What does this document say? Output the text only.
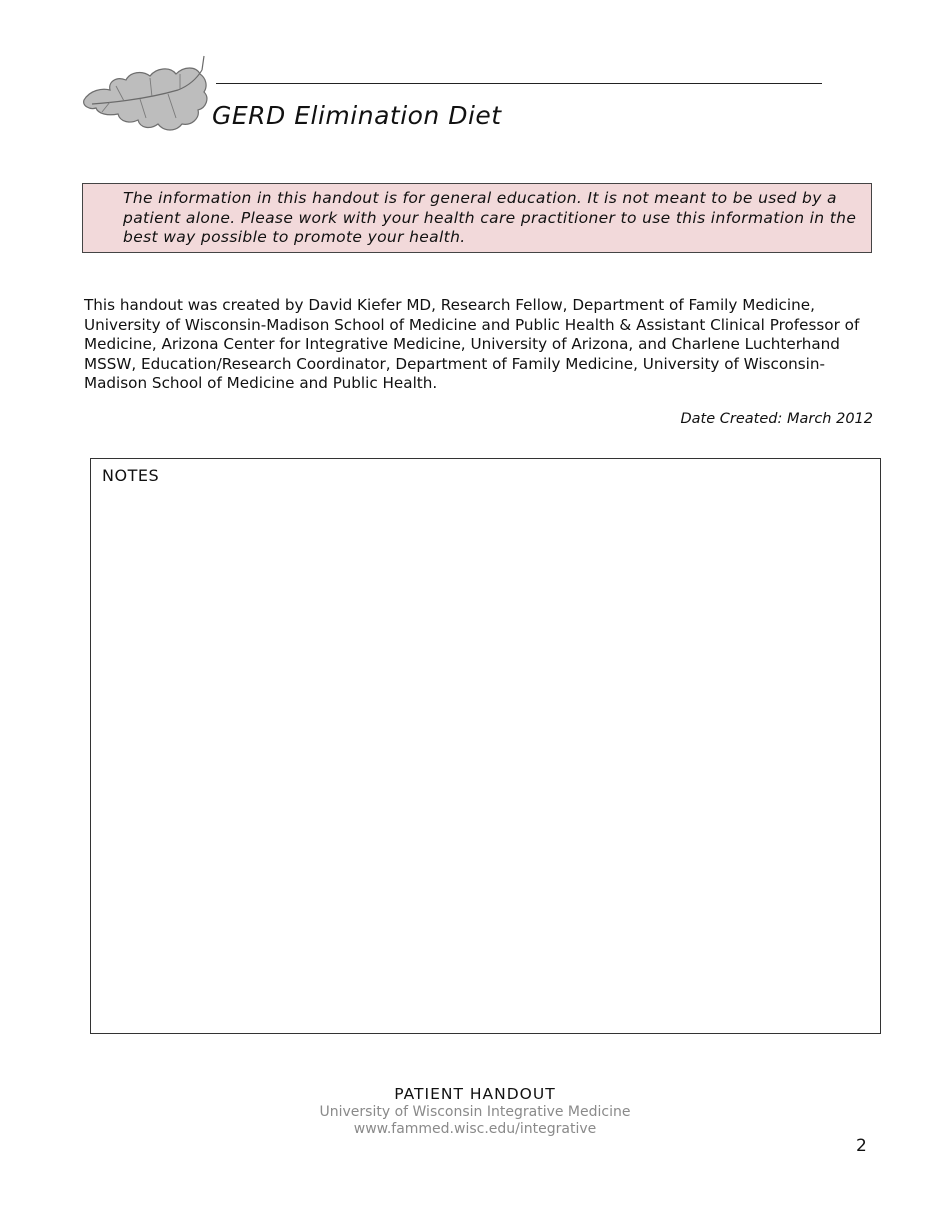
GERD Elimination Diet

The information in this handout is for general education. It is not meant to be used by a patient alone. Please work with your health care practitioner to use this information in the best way possible to promote your health.

This handout was created by David Kiefer MD, Research Fellow, Department of Family Medicine, University of Wisconsin-Madison School of Medicine and Public Health & Assistant Clinical Professor of Medicine, Arizona Center for Integrative Medicine, University of Arizona, and Charlene Luchterhand MSSW, Education/Research Coordinator, Department of Family Medicine, University of Wisconsin-Madison School of Medicine and Public Health.

Date Created: March 2012
NOTES
PATIENT HANDOUT
University of Wisconsin Integrative Medicine
www.fammed.wisc.edu/integrative
2
